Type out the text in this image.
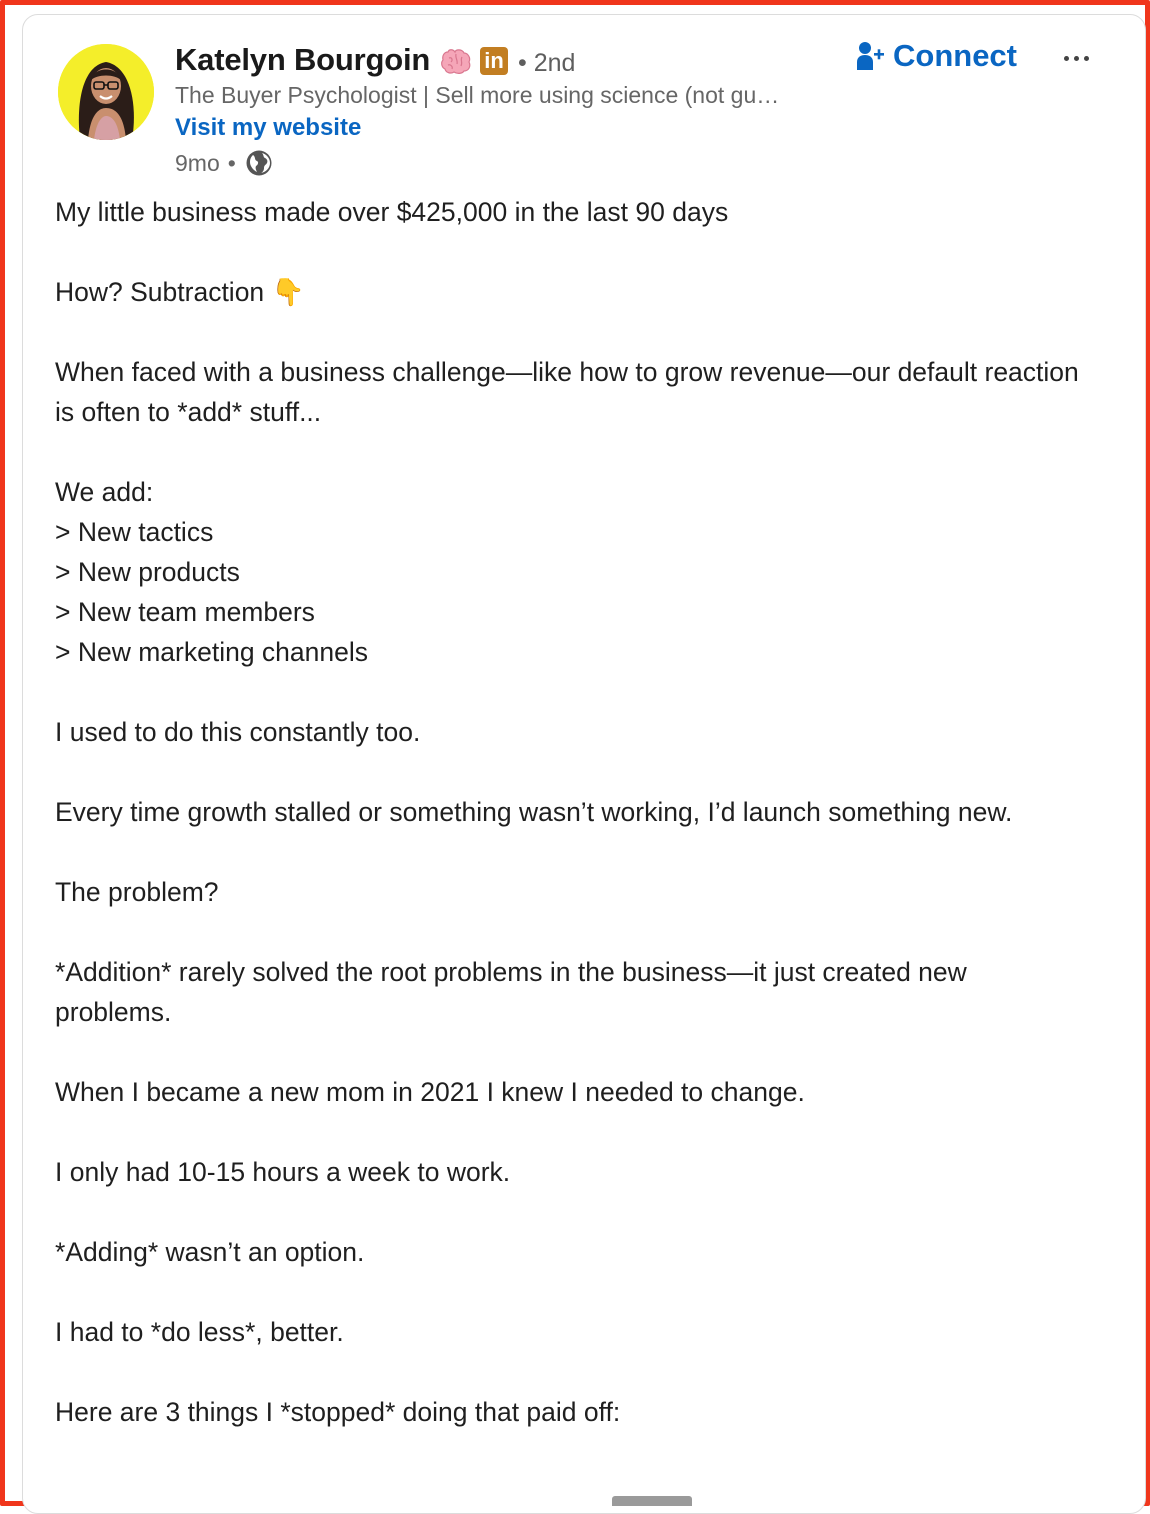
Katelyn Bourgoin in • 2nd
The Buyer Psychologist | Sell more using science (not gu…
Visit my website
9mo •
Connect

My little business made over $425,000 in the last 90 days

How? Subtraction 👇

When faced with a business challenge—like how to grow revenue—our default reaction is often to *add* stuff...

We add:

> New tactics

> New products

> New team members

> New marketing channels

I used to do this constantly too.

Every time growth stalled or something wasn’t working, I’d launch something new.

The problem?

*Addition* rarely solved the root problems in the business—it just created new problems.

When I became a new mom in 2021 I knew I needed to change.

I only had 10-15 hours a week to work.

*Adding* wasn’t an option.

I had to *do less*, better.

Here are 3 things I *stopped* doing that paid off:
